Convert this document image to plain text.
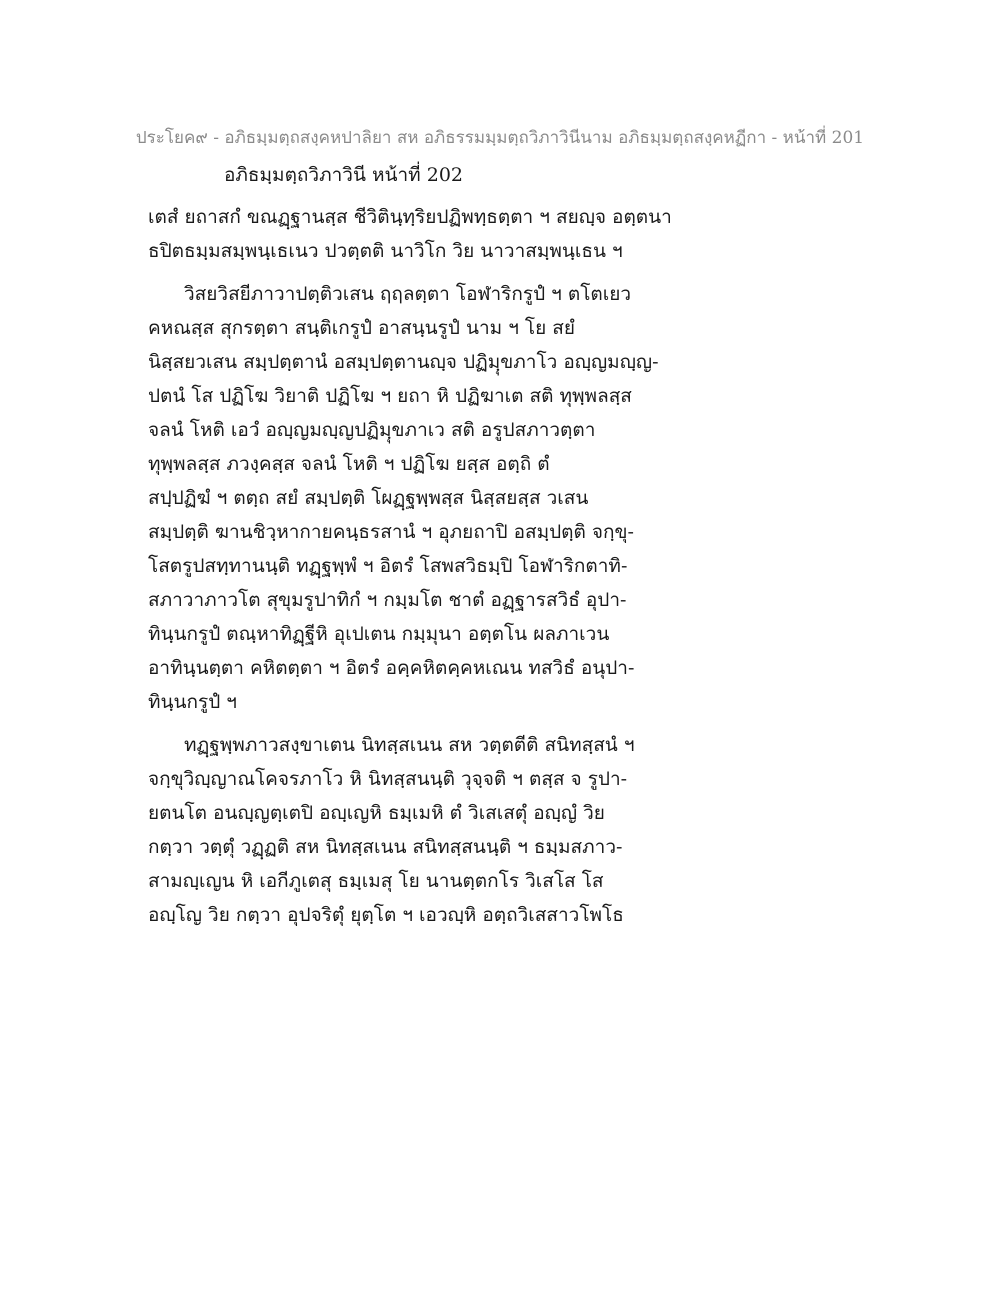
ประโยค๙ - อภิธมฺมตฺถสงฺคหปาลิยา สห อภิธรรมมฺมตฺถวิภาวินีนาม อภิธมฺมตฺถสงฺคหฏีกา - หน้าที่ 201
อภิธมฺมตฺถวิภาวินี หน้าที่ 202
เตสํ ยถาสกํ ขณฏฺฐานสฺส ชีวิตินฺทฺริยปฏิพทฺธตฺตา ฯ สยญฺจ อตฺตนา
ธปิตธมฺมสมฺพนฺเธเนว ปวตฺตติ นาวิโก วิย นาวาสมฺพนฺเธน ฯ
วิสยวิสยีภาวาปตฺติวเสน ฤฤลตฺตา โอฬาริกรูปํ ฯ ตโตเยว
คหณสฺส สุกรตฺตา สนฺติเกรูปํ อาสนฺนรูปํ นาม ฯ โย สยํ
นิสฺสยวเสน สมฺปตฺตานํ อสมฺปตฺตานญฺจ ปฏิมฺุขภาโว อญฺญมญฺญ-
ปตนํ โส ปฏิโฆ วิยาติ ปฏิโฆ ฯ ยถา หิ ปฏิฆาเต สติ ทุพฺพลสฺส
จลนํ โหติ เอวํ อญฺญมญฺญปฏิมฺุขภาเว สติ อรูปสภาวตฺตา
ทุพฺพลสฺส ภวงฺคสฺส จลนํ โหติ ฯ ปฏิโฆ ยสฺส อตฺถิ ตํ
สปฺปฏิฆํ ฯ ตตฺถ สยํ สมฺปตฺติ โผฏฺฐพฺพสฺส นิสฺสยสฺส วเสน
สมฺปตฺติ ฆานชิวฺหากายคนฺธรสานํ ฯ อุภยถาปิ อสมฺปตฺติ จกฺขุ-
โสตรูปสทฺทานนฺติ ทฏฺฐพฺพํ ฯ อิตรํ โสพสวิธมฺปิ โอฬาริกตาทิ-
สภาวาภาวโต สุขุมรูปาทิกํ ฯ กมฺมโต ชาตํ อฏฺฐารสวิธํ อุปา-
ทินฺนกรูปํ ตณฺหาทิฏฺฐีหิ อุเปเตน กมฺมุนา อตฺตโน ผลภาเวน
อาทินฺนตฺตา คหิตตฺตา ฯ อิตรํ อคฺคหิตคฺคหเณน ทสวิธํ อนุปา-
ทินฺนกรูปํ ฯ
ทฏฺฐพฺพภาวสงฺขาเตน นิทสฺสเนน สห วตฺตตีติ สนิทสฺสนํ ฯ
จกฺขุวิญฺญาณโคจรภาโว หิ นิทสฺสนนฺติ วุจฺจติ ฯ ตสฺส จ รูปา-
ยตนโต อนญฺญตฺเตปิ อญฺเญหิ ธมฺเมหิ ตํ วิเสเสตุํ อญฺญํ วิย
กตฺวา วตฺตุํ วฏฺฏติ สห นิทสฺสเนน สนิทสฺสนนฺติ ฯ ธมฺมสภาว-
สามญฺเญน หิ เอกีภูเตสุ ธมฺเมสุ โย นานตฺตกโร วิเสโส โส
อญฺโญ วิย กตฺวา อุปจริตุํ ยุตฺโต ฯ เอวญฺหิ อตฺถวิเสสาวโพโธ
